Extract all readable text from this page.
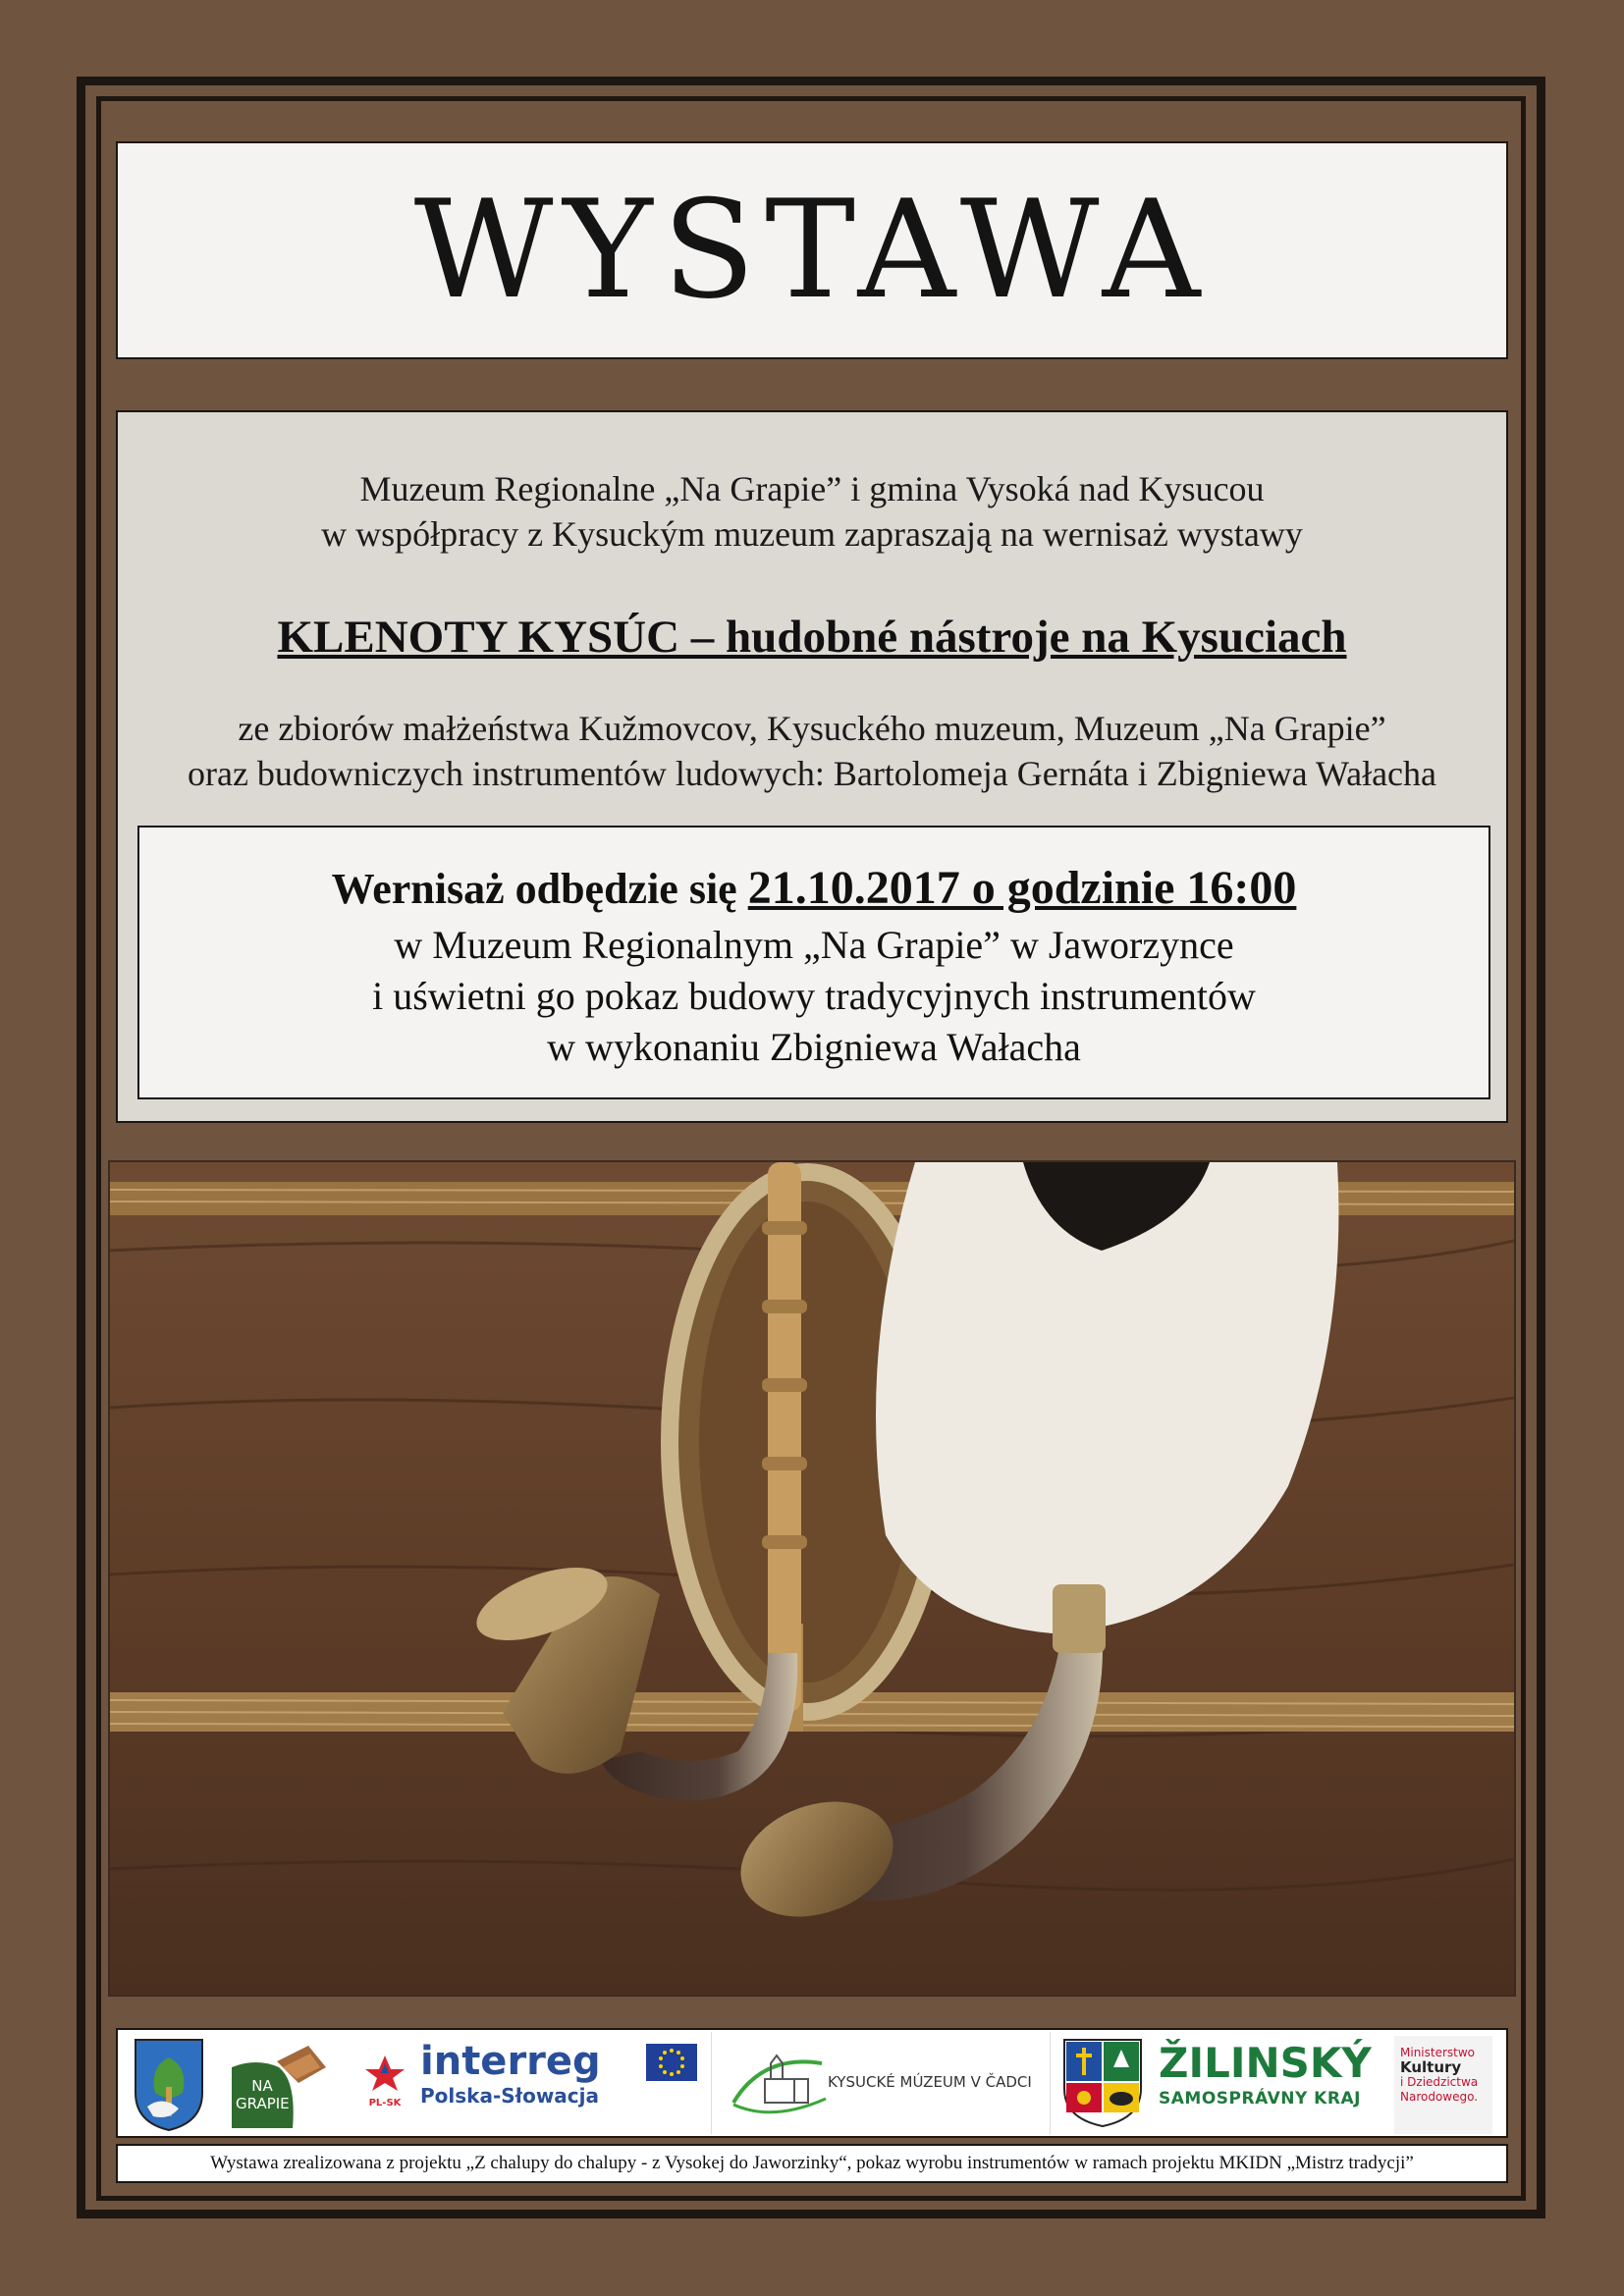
WYSTAWA
Muzeum Regionalne „Na Grapie” i gmina Vysoká nad Kysucou
w współpracy z Kysuckým muzeum zapraszają na wernisaż wystawy
KLENOTY KYSÚC – hudobné nástroje na Kysuciach
ze zbiorów małżeństwa Kužmovcov, Kysuckého muzeum, Muzeum „Na Grapie”
oraz budowniczych instrumentów ludowych: Bartolomeja Gernáta i Zbigniewa Wałacha
Wernisaż odbędzie się 21.10.2017 o godzinie 16:00
w Muzeum Regionalnym „Na Grapie” w Jaworzynce
i uświetni go pokaz budowy tradycyjnych instrumentów
w wykonaniu Zbigniewa Wałacha
NA
GRAPIE	PL-SK
interreg
Polska-Słowacja
KYSUCKÉ MÚZEUM V ČADCI	ŽILINSKÝ
SAMOSPRÁVNY KRAJ
Ministerstwo
Kultury
i Dziedzictwa
Narodowego.
Wystawa zrealizowana z projektu „Z chalupy do chalupy - z Vysokej do Jaworzinky“, pokaz wyrobu instrumentów w ramach projektu MKIDN „Mistrz tradycji”
